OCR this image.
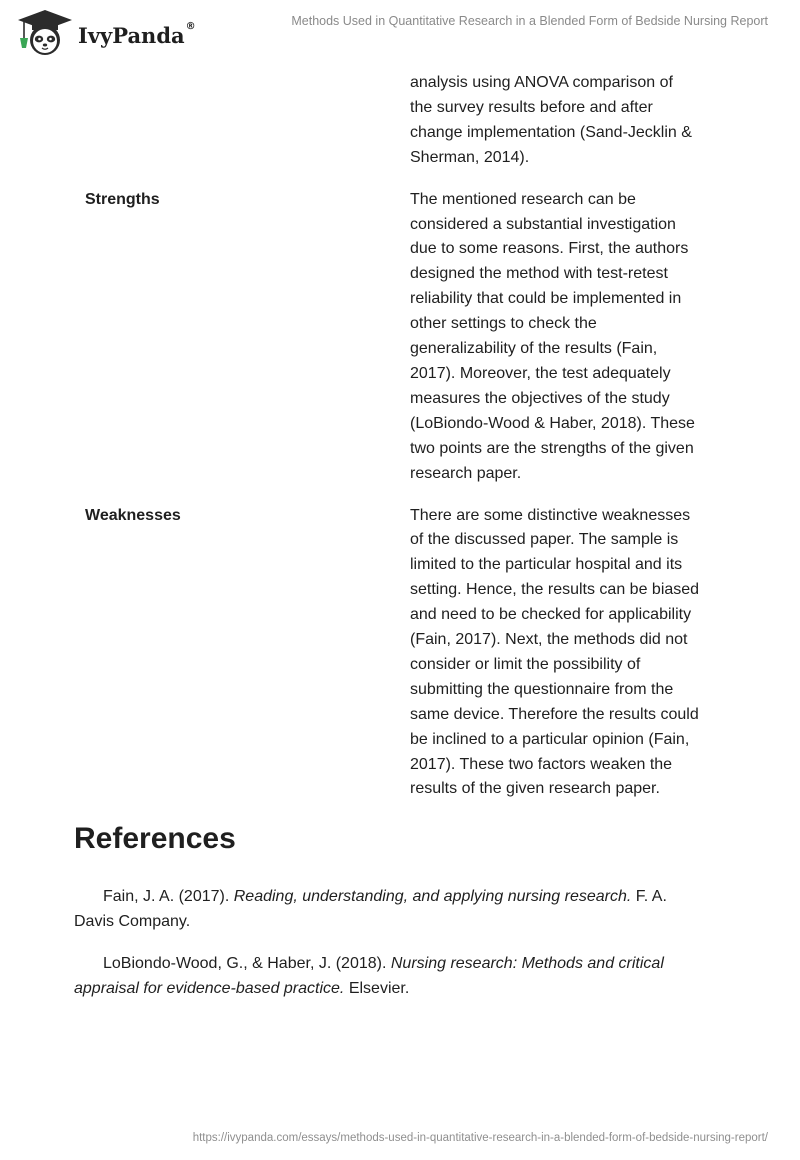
IvyPanda®	Methods Used in Quantitative Research in a Blended Form of Bedside Nursing Report
analysis using ANOVA comparison of
the survey results before and after
change implementation (Sand-Jecklin &
Sherman, 2014).
Strengths	The mentioned research can be
considered a substantial investigation
due to some reasons. First, the authors
designed the method with test-retest
reliability that could be implemented in
other settings to check the
generalizability of the results (Fain,
2017). Moreover, the test adequately
measures the objectives of the study
(LoBiondo-Wood & Haber, 2018). These
two points are the strengths of the given
research paper.
Weaknesses	There are some distinctive weaknesses
of the discussed paper. The sample is
limited to the particular hospital and its
setting. Hence, the results can be biased
and need to be checked for applicability
(Fain, 2017). Next, the methods did not
consider or limit the possibility of
submitting the questionnaire from the
same device. Therefore the results could
be inclined to a particular opinion (Fain,
2017). These two factors weaken the
results of the given research paper.
References
Fain, J. A. (2017). Reading, understanding, and applying nursing research. F. A.
Davis Company.
LoBiondo-Wood, G., & Haber, J. (2018). Nursing research: Methods and critical
appraisal for evidence-based practice. Elsevier.
https://ivypanda.com/essays/methods-used-in-quantitative-research-in-a-blended-form-of-bedside-nursing-report/
